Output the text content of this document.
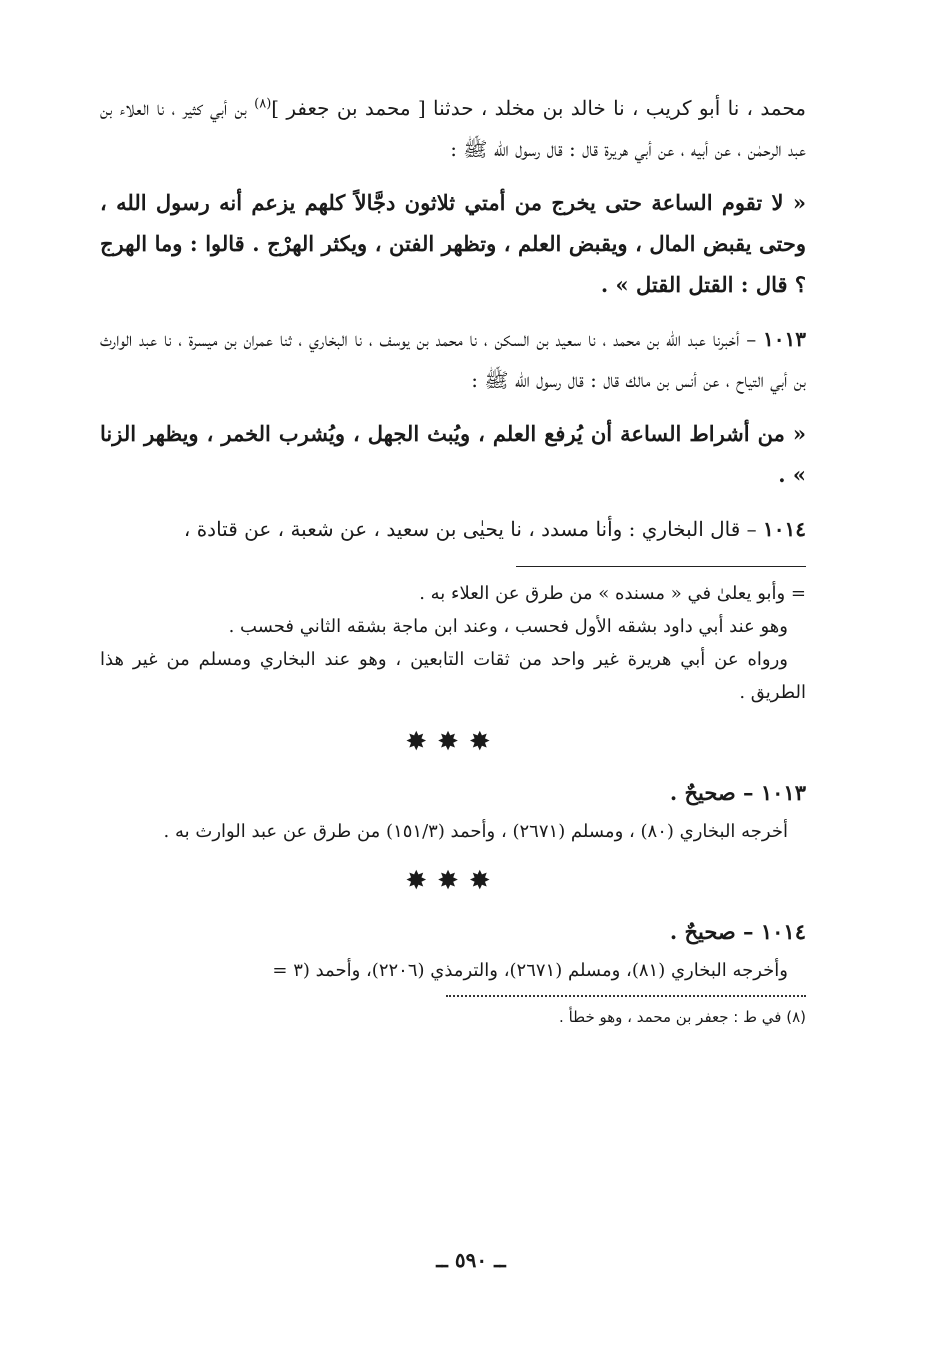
محمد ، نا أبو كريب ، نا خالد بن مخلد ، حدثنا [ محمد بن جعفر ]$^{(٨)}$ بن أبي كثير ، نا العلاء بن عبد الرحمٰن ، عن أبيه ، عن أبي هريرة قال : قال رسول الله ﷺ :

« لا تقوم الساعة حتى يخرج من أمتي ثلاثون دجَّالاً كلهم يزعم أنه رسول الله ، وحتى يقبض المال ، ويقبض العلم ، وتظهر الفتن ، ويكثر الهرْج . قالوا : وما الهرج ؟ قال : القتل القتل » .

١٠١٣ – أخبرنا عبد الله بن محمد ، نا سعيد بن السكن ، نا محمد بن يوسف ، نا البخاري ، ثنا عمران بن ميسرة ، نا عبد الوارث بن أبي التياح ، عن أنس بن مالك قال : قال رسول الله ﷺ :

« من أشراط الساعة أن يُرفع العلم ، ويُبث الجهل ، ويُشرب الخمر ، ويظهر الزنا » .

١٠١٤ – قال البخاري : وأنا مسدد ، نا يحيٰى بن سعيد ، عن شعبة ، عن قتادة ،

= وأبو يعلىٰ في « مسنده » من طرق عن العلاء به .

وهو عند أبي داود بشقه الأول فحسب ، وعند ابن ماجة بشقه الثاني فحسب .

ورواه عن أبي هريرة غير واحد من ثقات التابعين ، وهو عند البخاري ومسلم من غير هذا الطريق .

✸✸✸

١٠١٣ – صحيحٌ .

أخرجه البخاري (٨٠) ، ومسلم (٢٦٧١) ، وأحمد (١٥١/٣) من طرق عن عبد الوارث به .

✸✸✸

١٠١٤ – صحيحٌ .

وأخرجه البخاري (٨١)، ومسلم (٢٦٧١)، والترمذي (٢٢٠٦)، وأحمد (٣ =

(٨) في ط : جعفر بن محمد ، وهو خطأ .

ــ ٥٩٠ ــ
